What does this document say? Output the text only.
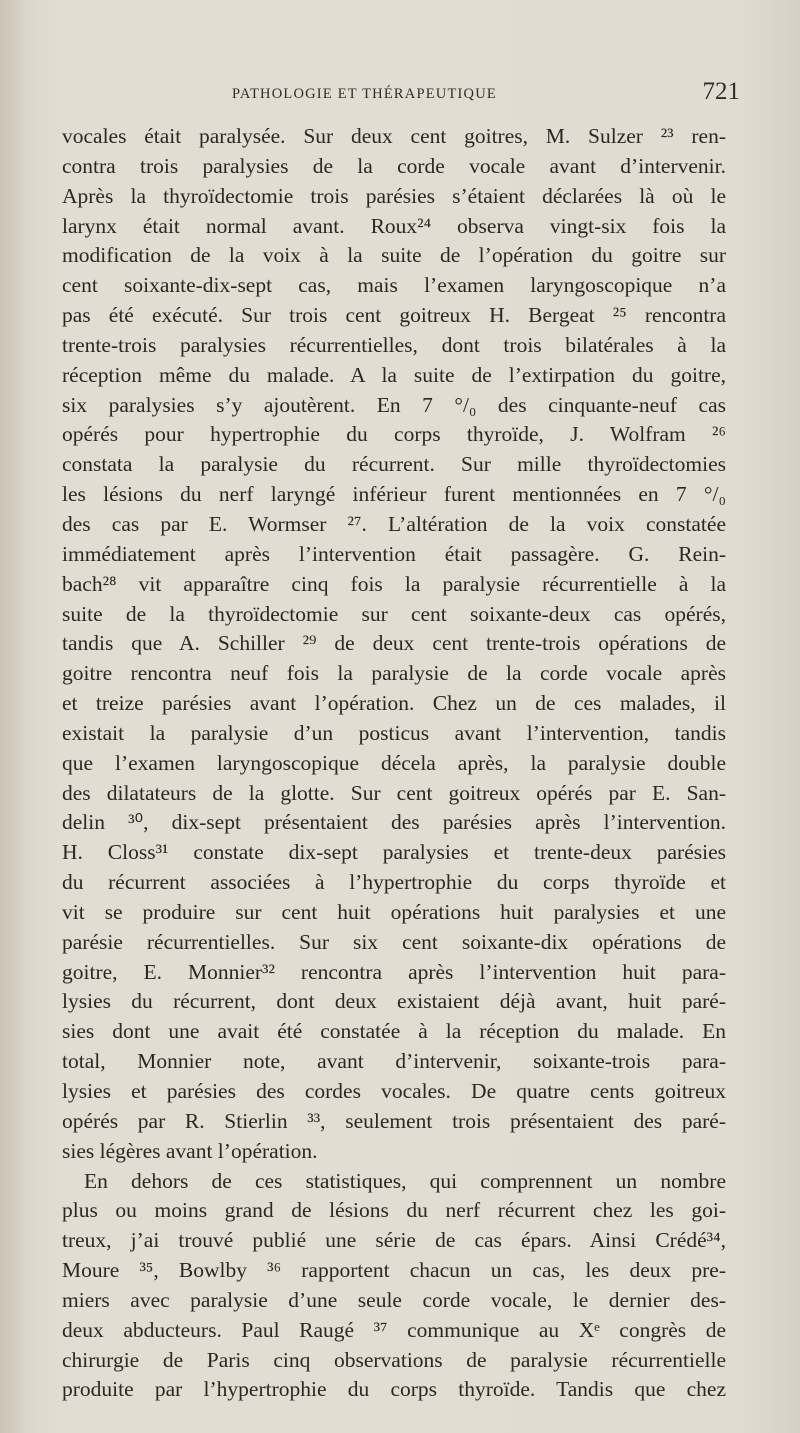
PATHOLOGIE ET THÉRAPEUTIQUE	721
vocales était paralysée. Sur deux cent goitres, M. Sulzer ²³ ren-
contra trois paralysies de la corde vocale avant d’intervenir.
Après la thyroïdectomie trois parésies s’étaient déclarées là où le
larynx était normal avant. Roux²⁴ observa vingt-six fois la
modification de la voix à la suite de l’opération du goitre sur
cent soixante-dix-sept cas, mais l’examen laryngoscopique n’a
pas été exécuté. Sur trois cent goitreux H. Bergeat ²⁵ rencontra
trente-trois paralysies récurrentielles, dont trois bilatérales à la
réception même du malade. A la suite de l’extirpation du goitre,
six paralysies s’y ajoutèrent. En 7 °/₀ des cinquante-neuf cas
opérés pour hypertrophie du corps thyroïde, J. Wolfram ²⁶
constata la paralysie du récurrent. Sur mille thyroïdectomies
les lésions du nerf laryngé inférieur furent mentionnées en 7 °/₀
des cas par E. Wormser ²⁷. L’altération de la voix constatée
immédiatement après l’intervention était passagère. G. Rein-
bach²⁸ vit apparaître cinq fois la paralysie récurrentielle à la
suite de la thyroïdectomie sur cent soixante-deux cas opérés,
tandis que A. Schiller ²⁹ de deux cent trente-trois opérations de
goitre rencontra neuf fois la paralysie de la corde vocale après
et treize parésies avant l’opération. Chez un de ces malades, il
existait la paralysie d’un posticus avant l’intervention, tandis
que l’examen laryngoscopique décela après, la paralysie double
des dilatateurs de la glotte. Sur cent goitreux opérés par E. San-
delin ³⁰, dix-sept présentaient des parésies après l’intervention.
H. Closs³¹ constate dix-sept paralysies et trente-deux parésies
du récurrent associées à l’hypertrophie du corps thyroïde et
vit se produire sur cent huit opérations huit paralysies et une
parésie récurrentielles. Sur six cent soixante-dix opérations de
goitre, E. Monnier³² rencontra après l’intervention huit para-
lysies du récurrent, dont deux existaient déjà avant, huit paré-
sies dont une avait été constatée à la réception du malade. En
total, Monnier note, avant d’intervenir, soixante-trois para-
lysies et parésies des cordes vocales. De quatre cents goitreux
opérés par R. Stierlin ³³, seulement trois présentaient des paré-
sies légères avant l’opération.
En dehors de ces statistiques, qui comprennent un nombre
plus ou moins grand de lésions du nerf récurrent chez les goi-
treux, j’ai trouvé publié une série de cas épars. Ainsi Crédé³⁴,
Moure ³⁵, Bowlby ³⁶ rapportent chacun un cas, les deux pre-
miers avec paralysie d’une seule corde vocale, le dernier des-
deux abducteurs. Paul Raugé ³⁷ communique au Xᵉ congrès de
chirurgie de Paris cinq observations de paralysie récurrentielle
produite par l’hypertrophie du corps thyroïde. Tandis que chez
